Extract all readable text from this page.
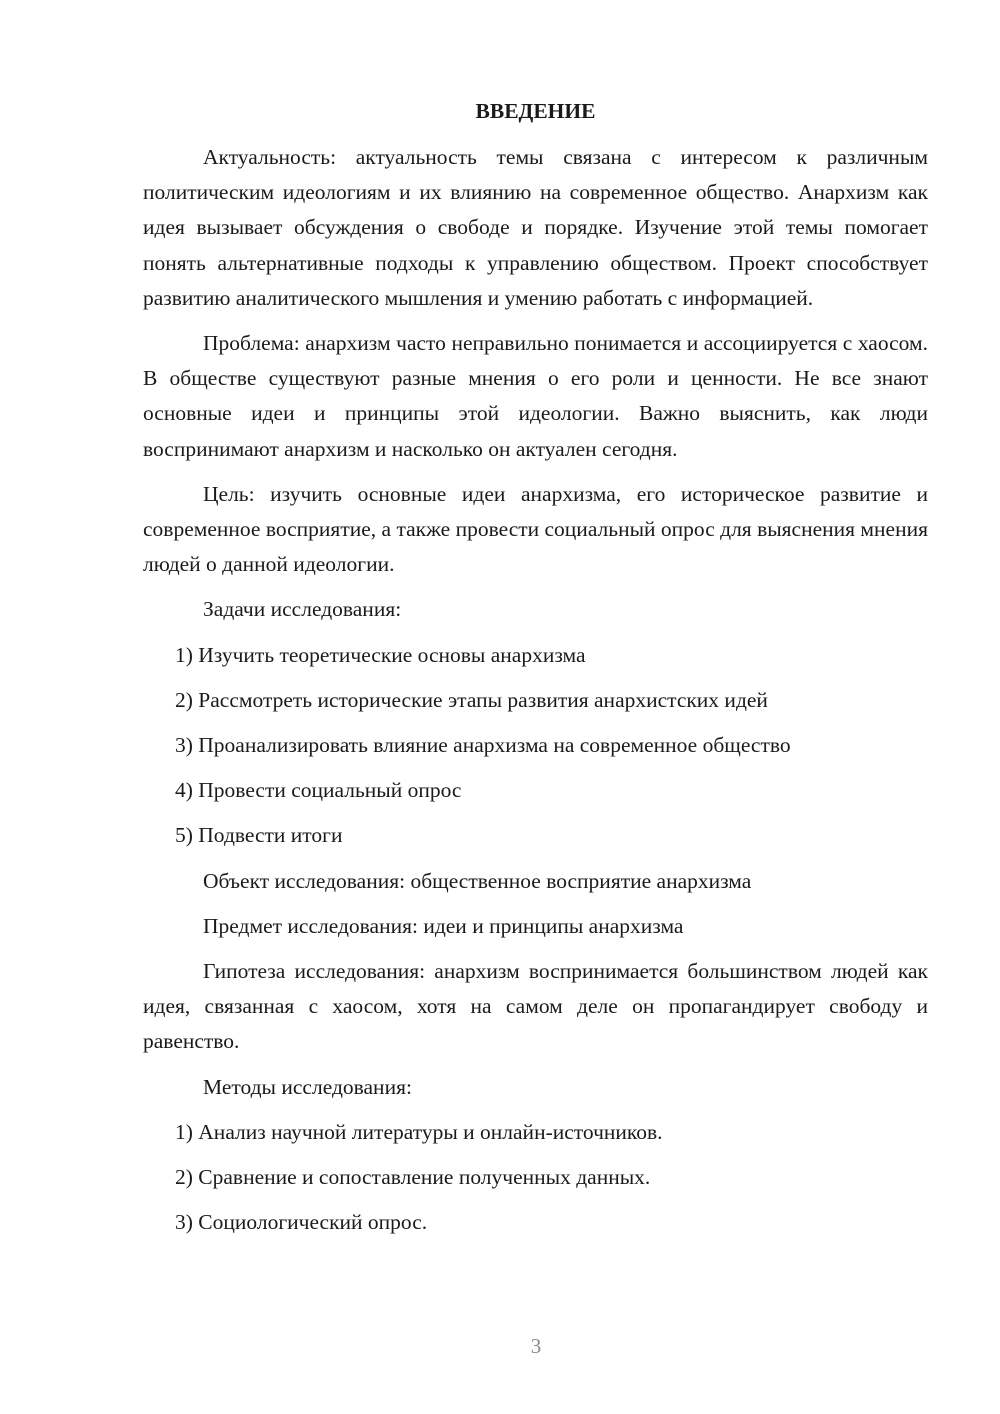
ВВЕДЕНИЕ

Актуальность: актуальность темы связана с интересом к различным политическим идеологиям и их влиянию на современное общество. Анархизм как идея вызывает обсуждения о свободе и порядке. Изучение этой темы помогает понять альтернативные подходы к управлению обществом. Проект способствует развитию аналитического мышления и умению работать с информацией.

Проблема: анархизм часто неправильно понимается и ассоциируется с хаосом. В обществе существуют разные мнения о его роли и ценности. Не все знают основные идеи и принципы этой идеологии. Важно выяснить, как люди воспринимают анархизм и насколько он актуален сегодня.

Цель: изучить основные идеи анархизма, его историческое развитие и современное восприятие, а также провести социальный опрос для выяснения мнения людей о данной идеологии.

Задачи исследования:

1) Изучить теоретические основы анархизма

2) Рассмотреть исторические этапы развития анархистских идей

3) Проанализировать влияние анархизма на современное общество

4) Провести социальный опрос

5) Подвести итоги

Объект исследования: общественное восприятие анархизма

Предмет исследования: идеи и принципы анархизма

Гипотеза исследования: анархизм воспринимается большинством людей как идея, связанная с хаосом, хотя на самом деле он пропагандирует свободу и равенство.

Методы исследования:

1) Анализ научной литературы и онлайн-источников.

2) Сравнение и сопоставление полученных данных.

3) Социологический опрос.

3
